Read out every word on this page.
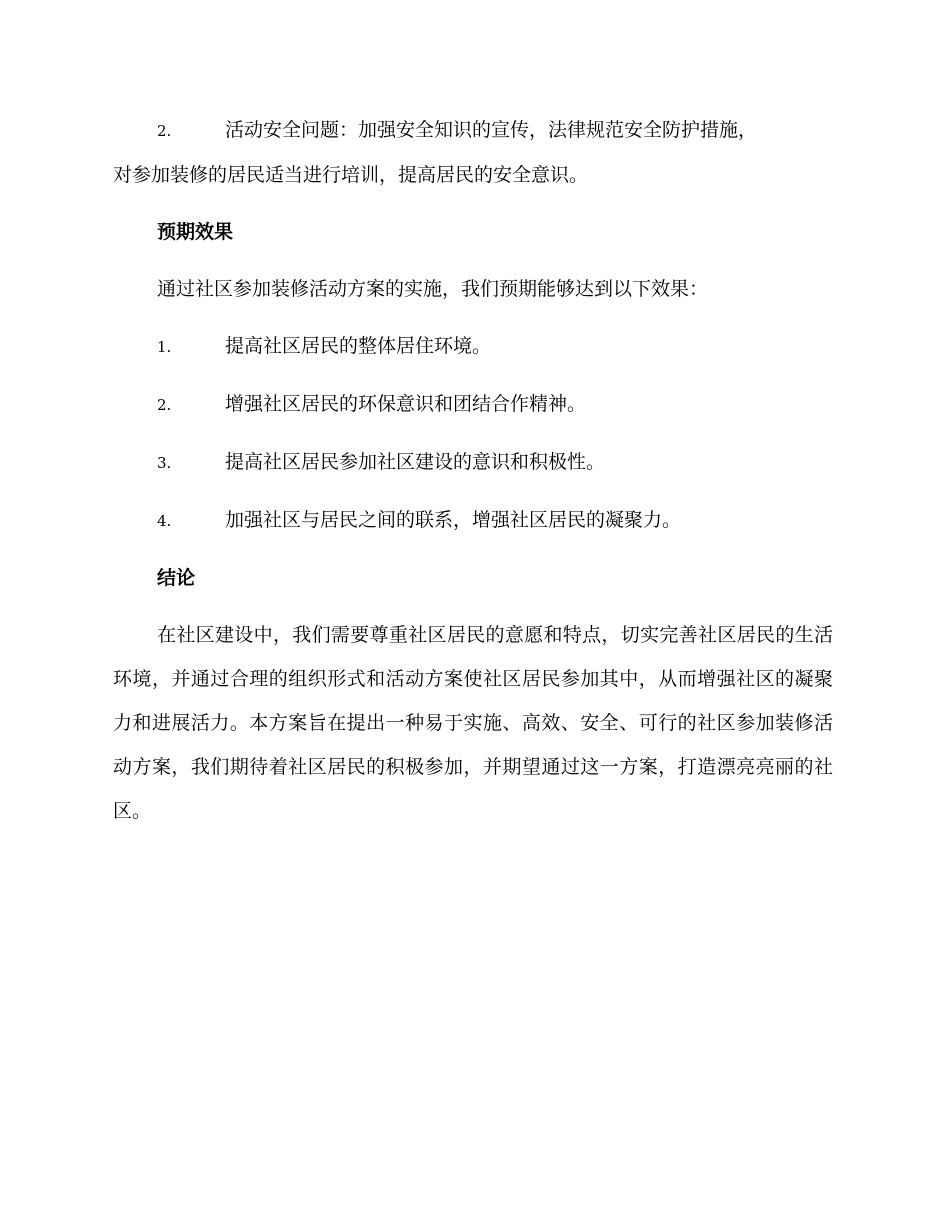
2.	活动安全问题：加强安全知识的宣传，法律规范安全防护措施，
对参加装修的居民适当进行培训，提高居民的安全意识。
预期效果

通过社区参加装修活动方案的实施，我们预期能够达到以下效果：

1.	提高社区居民的整体居住环境。

2.	增强社区居民的环保意识和团结合作精神。

3.	提高社区居民参加社区建设的意识和积极性。

4.	加强社区与居民之间的联系，增强社区居民的凝聚力。

结论

在社区建设中，我们需要尊重社区居民的意愿和特点，切实完善社区居民的生活环境，并通过合理的组织形式和活动方案使社区居民参加其中，从而增强社区的凝聚力和进展活力。本方案旨在提出一种易于实施、高效、安全、可行的社区参加装修活动方案，我们期待着社区居民的积极参加，并期望通过这一方案，打造漂亮亮丽的社区。
